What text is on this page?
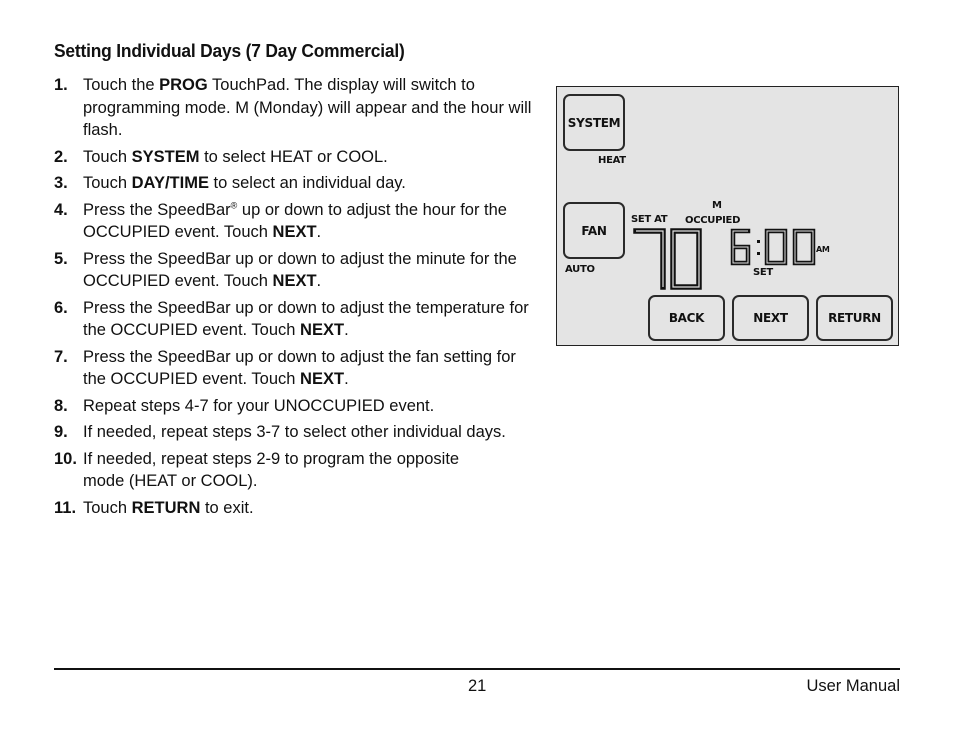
Setting Individual Days (7 Day Commercial)
1. Touch the PROG TouchPad. The display will switch to programming mode. M (Monday) will appear and the hour will flash.
2. Touch SYSTEM to select HEAT or COOL.
3. Touch DAY/TIME to select an individual day.
4. Press the SpeedBar® up or down to adjust the hour for the OCCUPIED event. Touch NEXT.
5. Press the SpeedBar up or down to adjust the minute for the OCCUPIED event. Touch NEXT.
6. Press the SpeedBar up or down to adjust the temperature for the OCCUPIED event. Touch NEXT.
7. Press the SpeedBar up or down to adjust the fan setting for the OCCUPIED event. Touch NEXT.
8. Repeat steps 4-7 for your UNOCCUPIED event.
9. If needed, repeat steps 3-7 to select other individual days.
10. If needed, repeat steps 2-9 to program the opposite mode (HEAT or COOL).
11. Touch RETURN to exit.
SYSTEM
HEAT
FAN
AUTO
SET AT
M
OCCUPIED
70
6:00
AM
SET
BACK	NEXT	RETURN
21	User Manual
